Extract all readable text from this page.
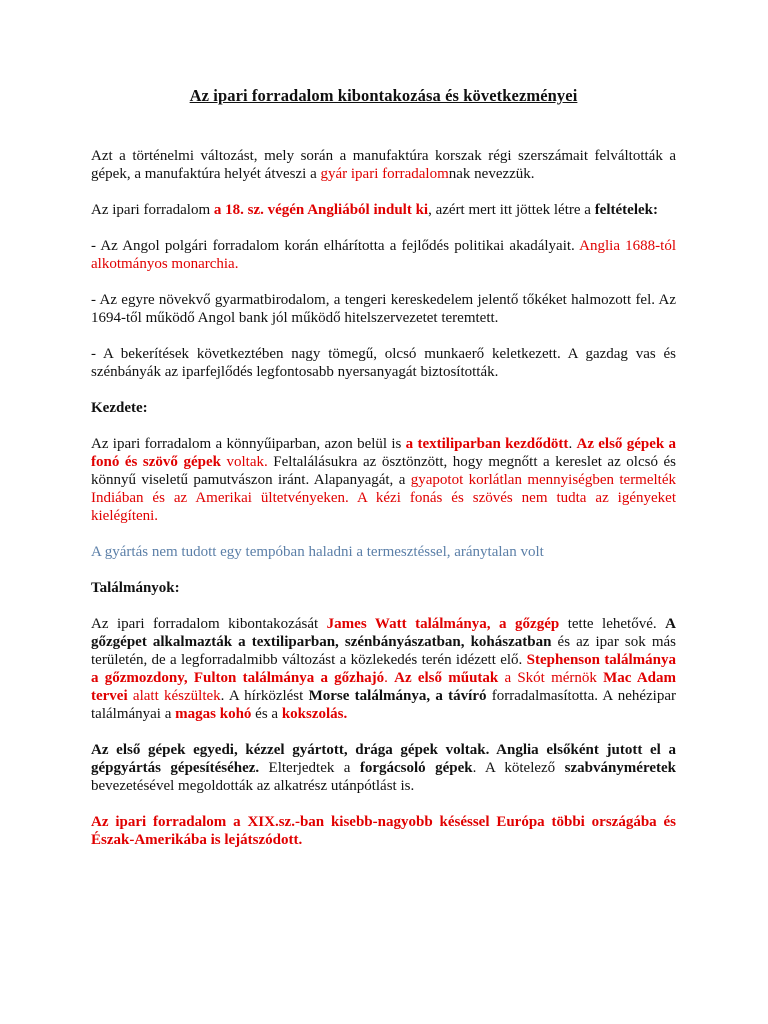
Az ipari forradalom kibontakozása és következményei

Azt a történelmi változást, mely során a manufaktúra korszak régi szerszámait felváltották a gépek, a manufaktúra helyét átveszi a gyár ipari forradalomnak nevezzük.

Az ipari forradalom a 18. sz. végén Angliából indult ki, azért mert itt jöttek létre a feltételek:

- Az Angol polgári forradalom korán elhárította a fejlődés politikai akadályait. Anglia 1688-tól alkotmányos monarchia.

- Az egyre növekvő gyarmatbirodalom, a tengeri kereskedelem jelentő tőkéket halmozott fel. Az 1694-től működő Angol bank jól működő hitelszervezetet teremtett.

- A bekerítések következtében nagy tömegű, olcsó munkaerő keletkezett. A gazdag vas és szénbányák az iparfejlődés legfontosabb nyersanyagát biztosították.

Kezdete:

Az ipari forradalom a könnyűiparban, azon belül is a textiliparban kezdődött. Az első gépek a fonó és szövő gépek voltak. Feltalálásukra az ösztönzött, hogy megnőtt a kereslet az olcsó és könnyű viseletű pamutvászon iránt. Alapanyagát, a gyapotot korlátlan mennyiségben termelték Indiában és az Amerikai ültetvényeken. A kézi fonás és szövés nem tudta az igényeket kielégíteni.

A gyártás nem tudott egy tempóban haladni a termesztéssel, aránytalan volt

Találmányok:

Az ipari forradalom kibontakozását James Watt találmánya, a gőzgép tette lehetővé. A gőzgépet alkalmazták a textiliparban, szénbányászatban, kohászatban és az ipar sok más területén, de a legforradalmibb változást a közlekedés terén idézett elő. Stephenson találmánya a gőzmozdony, Fulton találmánya a gőzhajó. Az első műutak a Skót mérnök Mac Adam tervei alatt készültek. A hírközlést Morse találmánya, a távíró forradalmasította. A nehézipar találmányai a magas kohó és a kokszolás.

Az első gépek egyedi, kézzel gyártott, drága gépek voltak. Anglia elsőként jutott el a gépgyártás gépesítéséhez. Elterjedtek a forgácsoló gépek. A kötelező szabványméretek bevezetésével megoldották az alkatrész utánpótlást is.

Az ipari forradalom a XIX.sz.-ban kisebb-nagyobb késéssel Európa többi országába és Észak-Amerikába is lejátszódott.
